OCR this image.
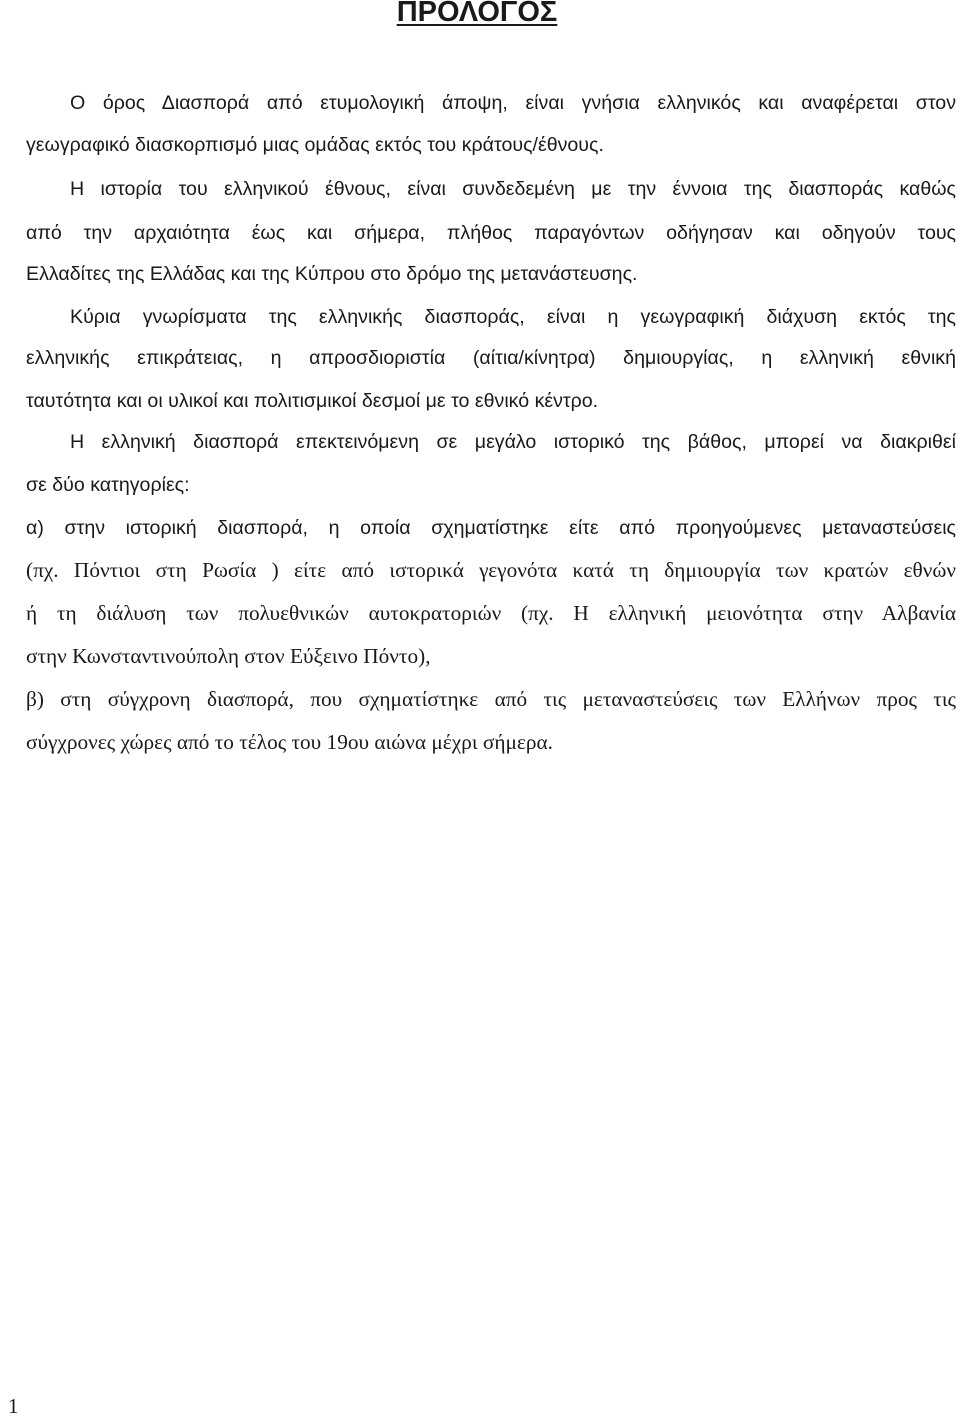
ΠΡΟΛΟΓΟΣ
Ο όρος Διασπορά από ετυμολογική άποψη, είναι γνήσια ελληνικός και αναφέρεται στον
γεωγραφικό διασκορπισμό μιας ομάδας εκτός του κράτους/έθνους.
Η ιστορία του ελληνικού έθνους, είναι συνδεδεμένη με την έννοια της διασποράς καθώς
από την αρχαιότητα έως και σήμερα, πλήθος παραγόντων οδήγησαν και οδηγούν τους
Ελλαδίτες της Ελλάδας και της Κύπρου στο δρόμο της μετανάστευσης.
Κύρια γνωρίσματα της ελληνικής διασποράς, είναι η γεωγραφική διάχυση εκτός της
ελληνικής επικράτειας, η απροσδιοριστία (αίτια/κίνητρα) δημιουργίας, η ελληνική εθνική
ταυτότητα και οι υλικοί και πολιτισμικοί δεσμοί με το εθνικό κέντρο.
Η ελληνική διασπορά επεκτεινόμενη σε μεγάλο ιστορικό της βάθος, μπορεί να διακριθεί
σε δύο κατηγορίες:
α) στην ιστορική διασπορά, η οποία σχηματίστηκε είτε από προηγούμενες μεταναστεύσεις
(πχ. Πόντιοι στη Ρωσία ) είτε από ιστορικά γεγονότα κατά τη δημιουργία των κρατών εθνών
ή τη διάλυση των πολυεθνικών αυτοκρατοριών (πχ. Η ελληνική μειονότητα στην Αλβανία
στην Κωνσταντινούπολη στον Εύξεινο Πόντο),
β) στη σύγχρονη διασπορά, που σχηματίστηκε από τις μεταναστεύσεις των Ελλήνων προς τις
σύγχρονες χώρες από το τέλος του 19ου αιώνα μέχρι σήμερα.
1
